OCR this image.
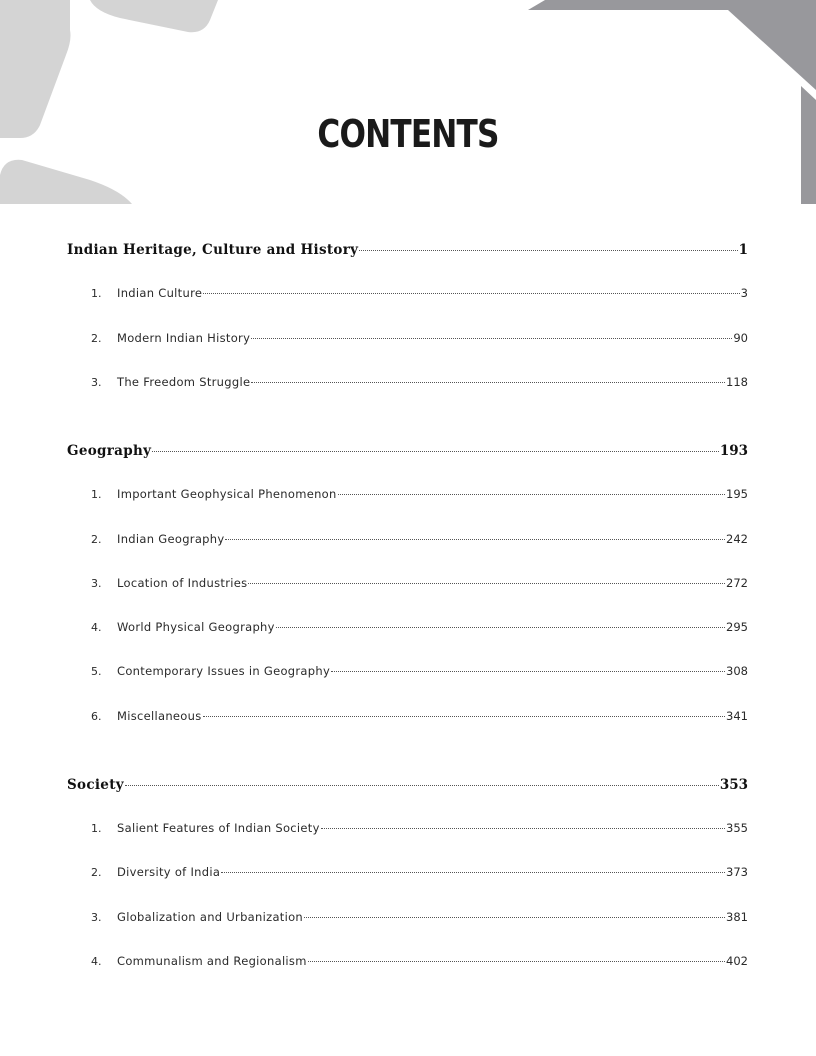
CONTENTS
Indian Heritage, Culture and History	1
1.	Indian Culture	3
2.	Modern Indian History	90
3.	The Freedom Struggle	118
Geography	193
1.	Important Geophysical Phenomenon	195
2.	Indian Geography	242
3.	Location of Industries	272
4.	World Physical Geography	295
5.	Contemporary Issues in Geography	308
6.	Miscellaneous	341
Society	353
1.	Salient Features of Indian Society	355
2.	Diversity of India	373
3.	Globalization and Urbanization	381
4.	Communalism and Regionalism	402
